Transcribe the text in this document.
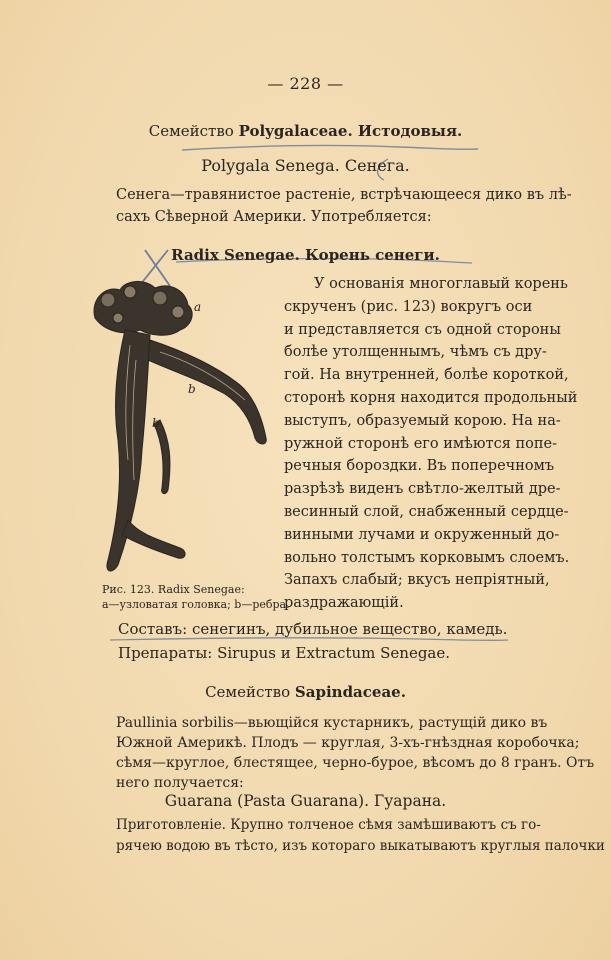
— 228 —
Семейство Polygalaceae. Истодовыя.
Polygala Senega. Сенега.
Сенега—травянистое растеніе, встрѣчающееся дико въ лѣ-
сахъ Сѣверной Америки. Употребляется:
Radix Senegae. Корень сенеги.
a
b
b
Рис. 123. Radix Senegae:
a—узловатая головка; b—ребра.
У основанія многоглавый корень
скрученъ (рис. 123) вокругъ оси
и представляется съ одной стороны
болѣе утолщеннымъ, чѣмъ съ дру-
гой. На внутренней, болѣе короткой,
сторонѣ корня находится продольный
выступъ, образуемый корою. На на-
ружной сторонѣ его имѣются попе-
речныя бороздки. Въ поперечномъ
разрѣзѣ виденъ свѣтло-желтый дре-
весинный слой, снабженный сердце-
винными лучами и окруженный до-
вольно толстымъ корковымъ слоемъ.
Запахъ слабый; вкусъ непріятный,
раздражающій.
Составъ: сенегинъ, дубильное вещество, камедь.
Препараты: Sirupus и Extractum Senegae.
Семейство Sapindaceae.
Paullinia sorbilis—вьющійся кустарникъ, растущій дико въ
Южной Америкѣ. Плодъ — круглая, 3-хъ-гнѣздная коробочка;
сѣмя—круглое, блестящее, черно-бурое, вѣсомъ до 8 гранъ. Отъ
него получается:
Guarana (Pasta Guarana). Гуарана.
Приготовленіе. Крупно толченое сѣмя замѣшиваютъ съ го-
рячею водою въ тѣсто, изъ котораго выкатываютъ круглыя палочки
